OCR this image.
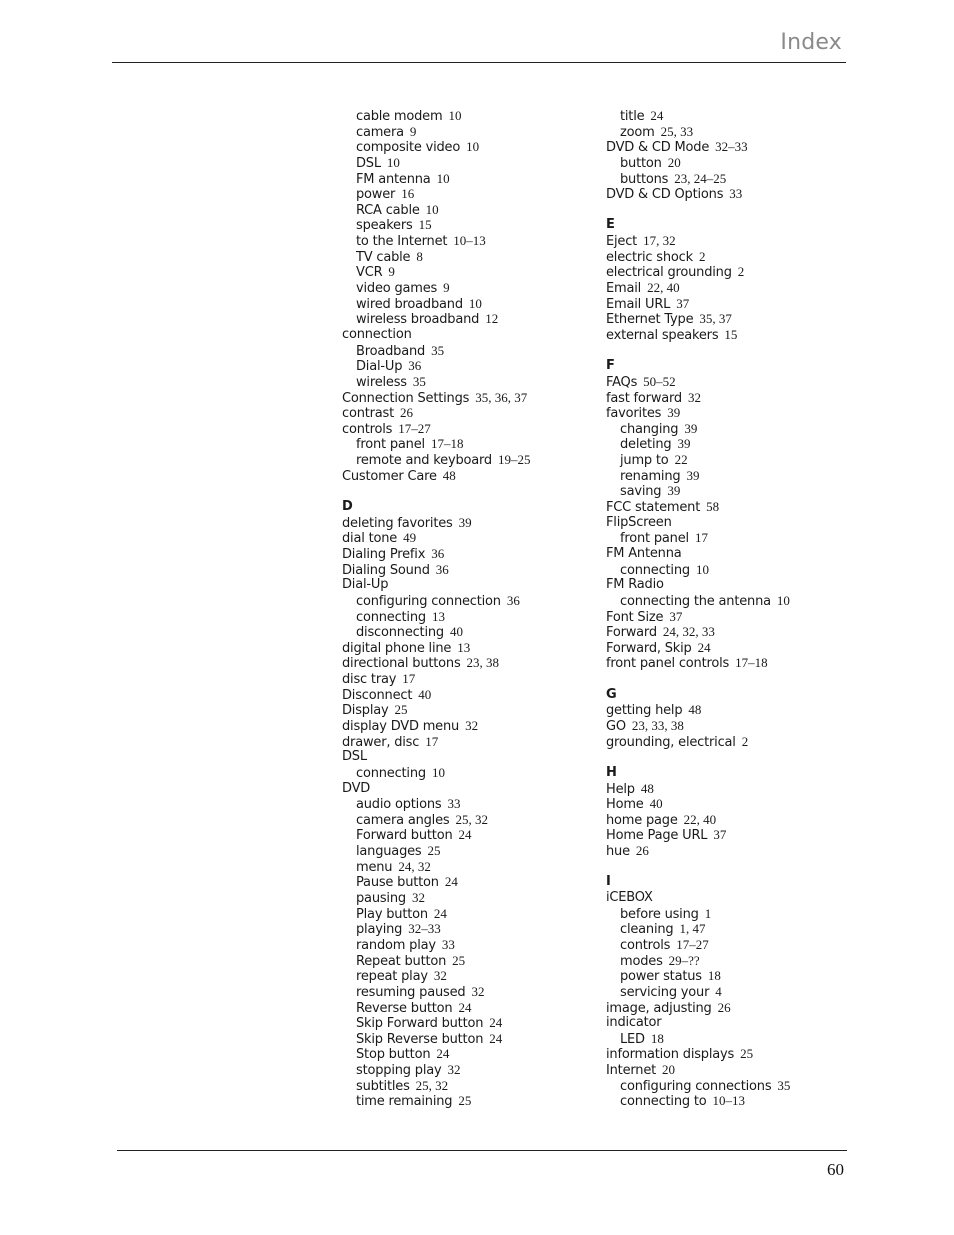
Index
cable modem 10
camera 9
composite video 10
DSL 10
FM antenna 10
power 16
RCA cable 10
speakers 15
to the Internet 10–13
TV cable 8
VCR 9
video games 9
wired broadband 10
wireless broadband 12
connection
Broadband 35
Dial-Up 36
wireless 35
Connection Settings 35, 36, 37
contrast 26
controls 17–27
front panel 17–18
remote and keyboard 19–25
Customer Care 48
D
deleting favorites 39
dial tone 49
Dialing Prefix 36
Dialing Sound 36
Dial-Up
configuring connection 36
connecting 13
disconnecting 40
digital phone line 13
directional buttons 23, 38
disc tray 17
Disconnect 40
Display 25
display DVD menu 32
drawer, disc 17
DSL
connecting 10
DVD
audio options 33
camera angles 25, 32
Forward button 24
languages 25
menu 24, 32
Pause button 24
pausing 32
Play button 24
playing 32–33
random play 33
Repeat button 25
repeat play 32
resuming paused 32
Reverse button 24
Skip Forward button 24
Skip Reverse button 24
Stop button 24
stopping play 32
subtitles 25, 32
time remaining 25
title 24
zoom 25, 33
DVD & CD Mode 32–33
button 20
buttons 23, 24–25
DVD & CD Options 33
E
Eject 17, 32
electric shock 2
electrical grounding 2
Email 22, 40
Email URL 37
Ethernet Type 35, 37
external speakers 15
F
FAQs 50–52
fast forward 32
favorites 39
changing 39
deleting 39
jump to 22
renaming 39
saving 39
FCC statement 58
FlipScreen
front panel 17
FM Antenna
connecting 10
FM Radio
connecting the antenna 10
Font Size 37
Forward 24, 32, 33
Forward, Skip 24
front panel controls 17–18
G
getting help 48
GO 23, 33, 38
grounding, electrical 2
H
Help 48
Home 40
home page 22, 40
Home Page URL 37
hue 26
I
iCEBOX
before using 1
cleaning 1, 47
controls 17–27
modes 29–??
power status 18
servicing your 4
image, adjusting 26
indicator
LED 18
information displays 25
Internet 20
configuring connections 35
connecting to 10–13
60
